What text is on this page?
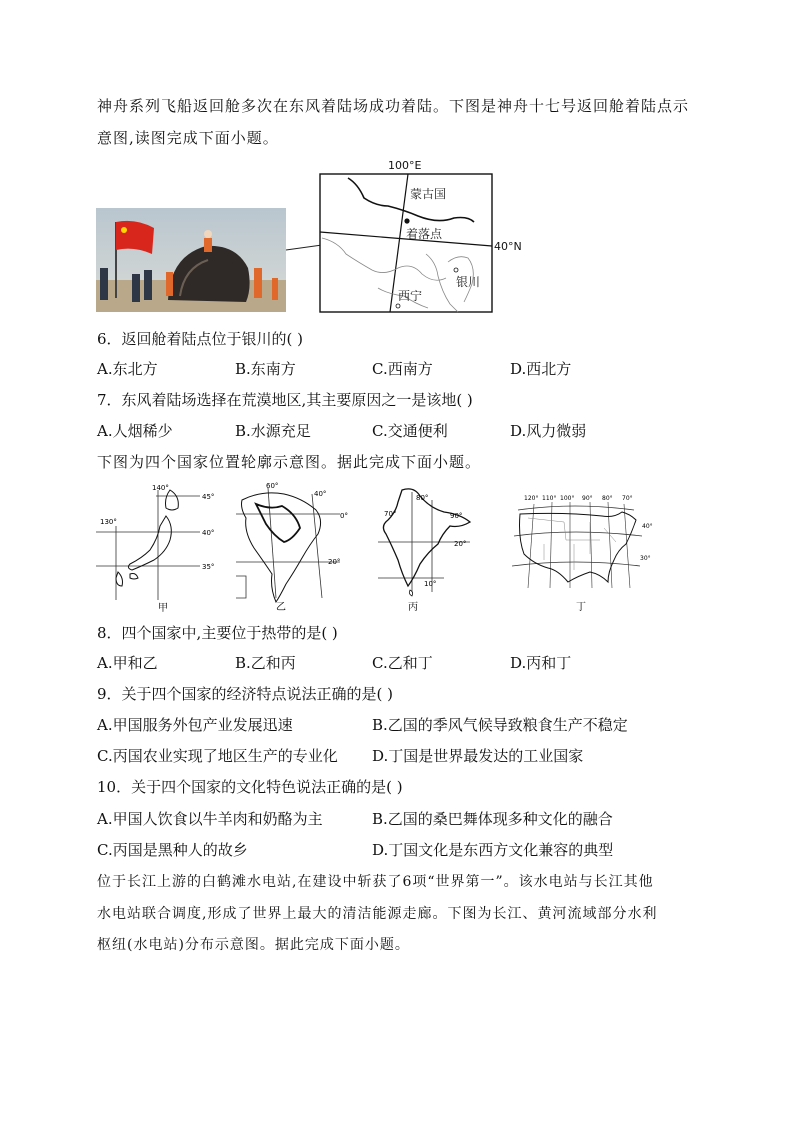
神舟系列飞船返回舱多次在东风着陆场成功着陆。下图是神舟十七号返回舱着陆点示
意图,读图完成下面小题。
100°E
40°N
蒙古国
着落点
银川
西宁
6．返回舱着陆点位于银川的( )
A.东北方	B.东南方	C.西南方	D.西北方
7．东风着陆场选择在荒漠地区,其主要原因之一是该地( )
A.人烟稀少	B.水源充足	C.交通便利	D.风力微弱
下图为四个国家位置轮廓示意图。据此完成下面小题。
140°
45°
130°
40°
35°
甲
60°
40°
0°
20°
乙
80°
70°	90°
20°
10°
丙
120° 110° 100° 90° 80° 70°
40°
30°
丁
8．四个国家中,主要位于热带的是( )
A.甲和乙	B.乙和丙	C.乙和丁	D.丙和丁
9．关于四个国家的经济特点说法正确的是( )
A.甲国服务外包产业发展迅速	B.乙国的季风气候导致粮食生产不稳定
C.丙国农业实现了地区生产的专业化 D.丁国是世界最发达的工业国家
10．关于四个国家的文化特色说法正确的是( )
A.甲国人饮食以牛羊肉和奶酪为主	B.乙国的桑巴舞体现多种文化的融合
C.丙国是黑种人的故乡	D.丁国文化是东西方文化兼容的典型
位于长江上游的白鹤滩水电站,在建设中斩获了6项“世界第一”。该水电站与长江其他
水电站联合调度,形成了世界上最大的清洁能源走廊。下图为长江、黄河流域部分水利
枢纽(水电站)分布示意图。据此完成下面小题。
